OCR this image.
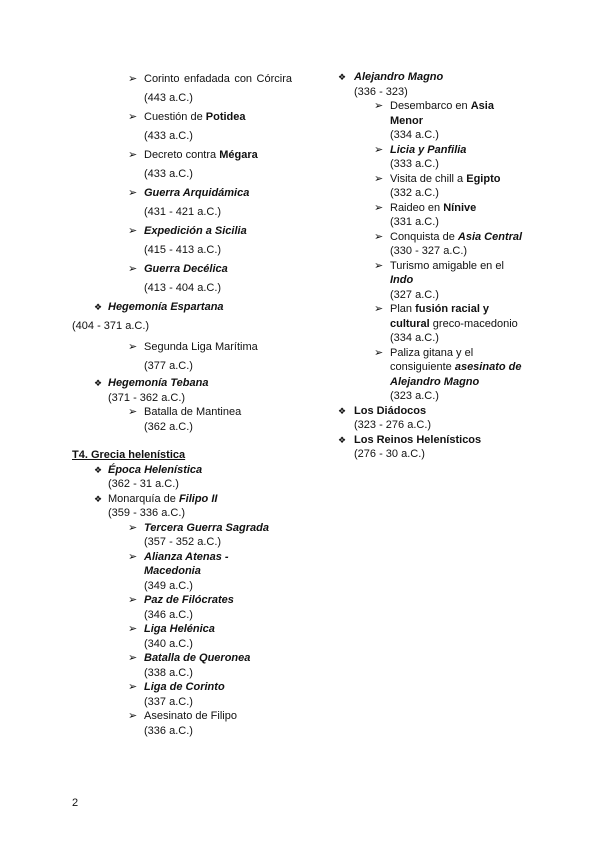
➢ Corinto enfadada con Córcira
(443 a.C.)
➢ Cuestión de Potidea
(433 a.C.)
➢ Decreto contra Mégara
(433 a.C.)
➢ Guerra Arquidámica
(431 - 421 a.C.)
➢ Expedición a Sicilia
(415 - 413 a.C.)
➢ Guerra Decélica
(413 - 404 a.C.)
❖ Hegemonía Espartana
(404 - 371 a.C.)
➢ Segunda Liga Marítima
(377 a.C.)
❖ Hegemonía Tebana
(371 - 362 a.C.)
➢ Batalla de Mantinea
(362 a.C.)
T4. Grecia helenística
❖ Época Helenística
(362 - 31 a.C.)
❖ Monarquía de Filipo II
(359 - 336 a.C.)
➢ Tercera Guerra Sagrada
(357 - 352 a.C.)
➢ Alianza Atenas - Macedonia
(349 a.C.)
➢ Paz de Filócrates
(346 a.C.)
➢ Liga Helénica
(340 a.C.)
➢ Batalla de Queronea
(338 a.C.)
➢ Liga de Corinto
(337 a.C.)
➢ Asesinato de Filipo
(336 a.C.)
❖ Alejandro Magno
(336 - 323)
➢ Desembarco en Asia Menor
(334 a.C.)
➢ Licia y Panfilia
(333 a.C.)
➢ Visita de chill a Egipto
(332 a.C.)
➢ Raideo en Nínive
(331 a.C.)
➢ Conquista de Asia Central
(330 - 327 a.C.)
➢ Turismo amigable en el Indo
(327 a.C.)
➢ Plan fusión racial y cultural greco-macedonio
(334 a.C.)
➢ Paliza gitana y el consiguiente asesinato de Alejandro Magno
(323 a.C.)
❖ Los Diádocos
(323 - 276 a.C.)
❖ Los Reinos Helenísticos
(276 - 30 a.C.)
2
